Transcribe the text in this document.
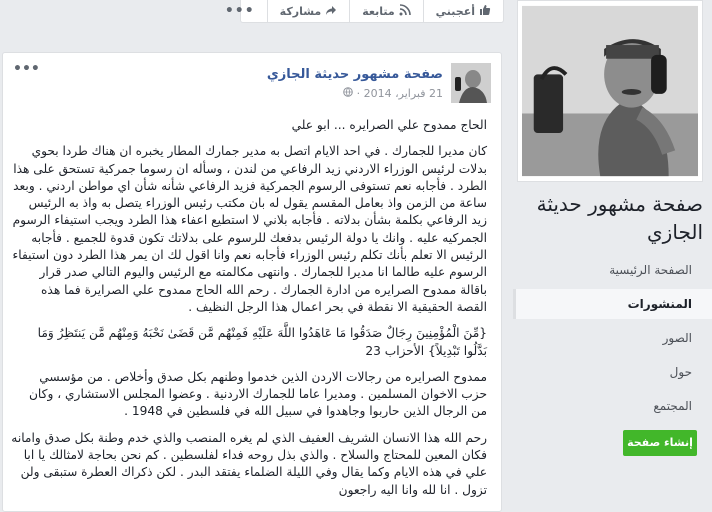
أعجبني
متابعة
مشاركة
•••
صفحة مشهور حديثة الجازي
الصفحة الرئيسية
المنشورات
الصور
حول
المجتمع
إنشاء صفحة
•••	صفحة مشهور حديثة الجازي
21 فبراير، 2014 ·

الحاج ممدوح علي الصرايره ... ابو علي

كان مديرا للجمارك . في احد الايام اتصل به مدير جمارك المطار يخبره ان هناك طردا بحوي بدلات لرئيس الوزراء الاردني زيد الرفاعي من لندن ، وسأله ان رسوما جمركية تستحق على هذا الطرد . فأجابه نعم تستوفى الرسوم الجمركية فزيد الرفاعي شأنه شأن اي مواطن اردني . وبعد ساعة من الزمن واذ بعامل المقسم يقول له بان مكتب رئيس الوزراء يتصل به واذ به الرئيس زيد الرفاعي بكلمة بشأن بدلاته . فأجابه بلاني لا استطيع اعفاء هذا الطرد ويجب استيفاء الرسوم الجمركيه عليه . وانك يا دولة الرئيس بدفعك للرسوم على بدلاتك تكون قدوة للجميع . فأجابه الرئيس الا تعلم بأنك تكلم رئيس الوزراء فأجابه نعم وانا اقول لك ان يمر هذا الطرد دون استيفاء الرسوم عليه طالما انا مديرا للجمارك . وانتهى مكالمته مع الرئيس واليوم التالي صدر قرار باقالة ممدوح الصرايره من ادارة الجمارك . رحم الله الحاج ممدوح علي الصرايرة فما هذه القصة الحقيقية الا نقطة في بحر اعمال هذا الرجل النظيف .

{مِّنَ الْمُؤْمِنِينَ رِجَالٌ صَدَقُوا مَا عَاهَدُوا اللَّهَ عَلَيْهِ فَمِنْهُم مَّن قَضَىٰ نَحْبَهُ وَمِنْهُم مَّن يَنتَظِرُ وَمَا بَدَّلُوا تَبْدِيلاً} الأحزاب 23

ممدوح الصرايره من رجالات الاردن الذين خدموا وطنهم بكل صدق وأخلاص . من مؤسسي حزب الاخوان المسلمين . ومديرا عاما للجمارك الاردنية . وعضوا المجلس الاستشاري ، وكان من الرجال الذين حاربوا وجاهدوا في سبيل الله في فلسطين في 1948 .

رحم الله هذا الانسان الشريف العفيف الذي لم يغره المنصب والذي خدم وطنة بكل صدق وامانه فكان المعين للمحتاج والسلاح . والذي بذل روحه فداء لفلسطين . كم نحن بحاجة لامثالك يا ابا علي في هذه الايام وكما يقال وفي الليلة الضلماء يفتقد البدر . لكن ذكراك العطرة ستبقى ولن تزول . انا لله وانا اليه راجعون
